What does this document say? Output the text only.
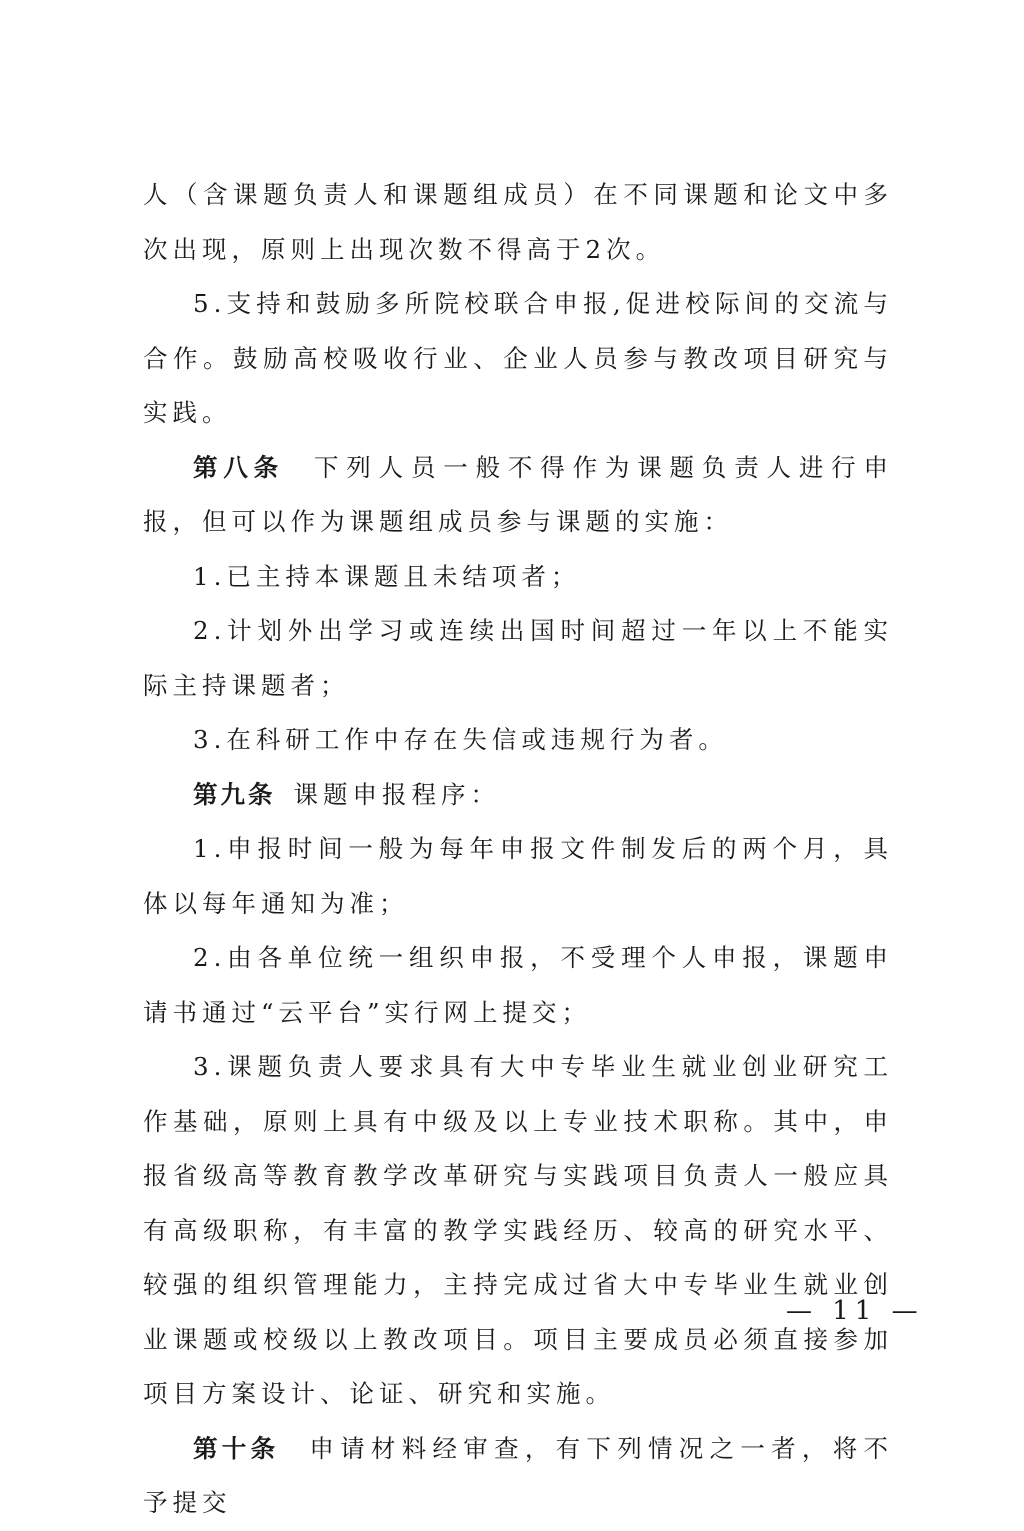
人（含课题负责人和课题组成员）在不同课题和论文中多次出现，原则上出现次数不得高于2次。

5.支持和鼓励多所院校联合申报,促进校际间的交流与合作。鼓励高校吸收行业、企业人员参与教改项目研究与实践。

第八条 下列人员一般不得作为课题负责人进行申报，但可以作为课题组成员参与课题的实施：

1.已主持本课题且未结项者；

2.计划外出学习或连续出国时间超过一年以上不能实际主持课题者；

3.在科研工作中存在失信或违规行为者。

第九条 课题申报程序：

1.申报时间一般为每年申报文件制发后的两个月，具体以每年通知为准；

2.由各单位统一组织申报，不受理个人申报，课题申请书通过“云平台”实行网上提交；

3.课题负责人要求具有大中专毕业生就业创业研究工作基础，原则上具有中级及以上专业技术职称。其中，申报省级高等教育教学改革研究与实践项目负责人一般应具有高级职称，有丰富的教学实践经历、较高的研究水平、较强的组织管理能力，主持完成过省大中专毕业生就业创业课题或校级以上教改项目。项目主要成员必须直接参加项目方案设计、论证、研究和实施。

第十条 申请材料经审查，有下列情况之一者，将不予提交

— 11 —
